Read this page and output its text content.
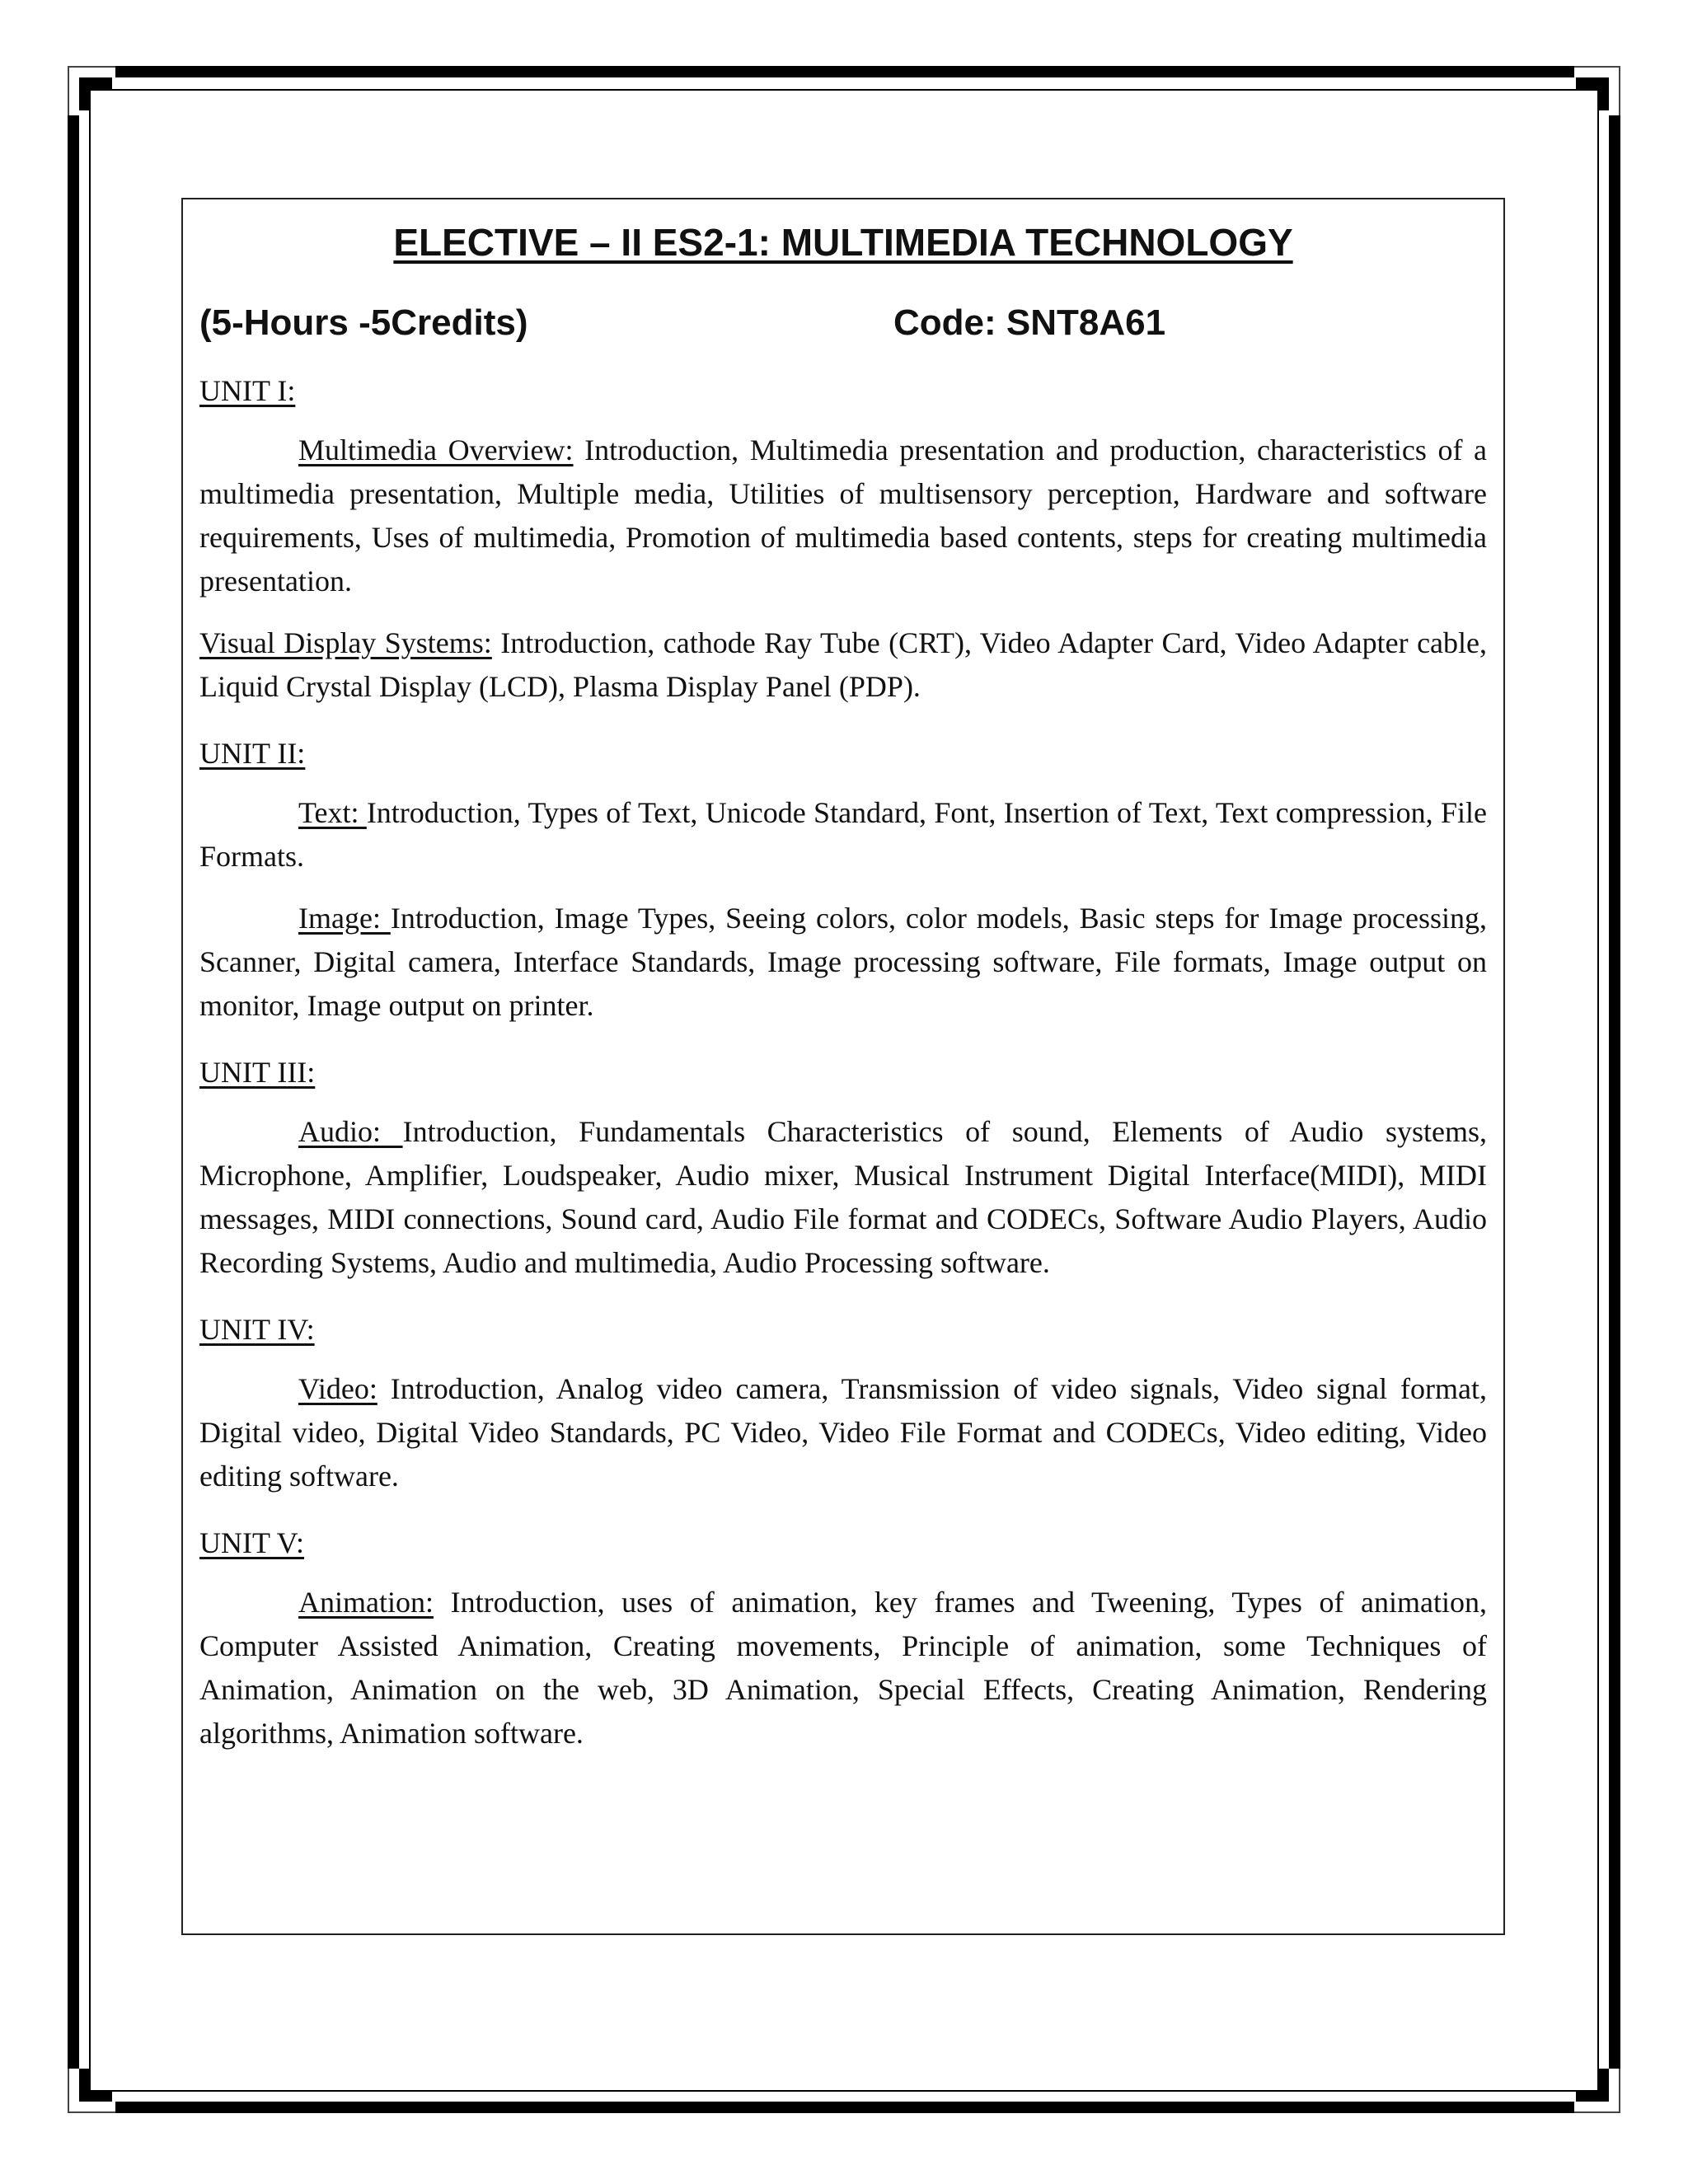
ELECTIVE – II ES2-1: MULTIMEDIA TECHNOLOGY
(5-Hours -5Credits)	Code: SNT8A61
UNIT I:
Multimedia Overview: Introduction, Multimedia presentation and production, characteristics of a multimedia presentation, Multiple media, Utilities of multisensory perception, Hardware and software requirements, Uses of multimedia, Promotion of multimedia based contents, steps for creating multimedia presentation.
Visual Display Systems: Introduction, cathode Ray Tube (CRT), Video Adapter Card, Video Adapter cable, Liquid Crystal Display (LCD), Plasma Display Panel (PDP).
UNIT II:
Text: Introduction, Types of Text, Unicode Standard, Font, Insertion of Text, Text compression, File Formats.
Image: Introduction, Image Types, Seeing colors, color models, Basic steps for Image processing, Scanner, Digital camera, Interface Standards, Image processing software, File formats, Image output on monitor, Image output on printer.
UNIT III:
Audio: Introduction, Fundamentals Characteristics of sound, Elements of Audio systems, Microphone, Amplifier, Loudspeaker, Audio mixer, Musical Instrument Digital Interface(MIDI), MIDI messages, MIDI connections, Sound card, Audio File format and CODECs, Software Audio Players, Audio Recording Systems, Audio and multimedia, Audio Processing software.
UNIT IV:
Video: Introduction, Analog video camera, Transmission of video signals, Video signal format, Digital video, Digital Video Standards, PC Video, Video File Format and CODECs, Video editing, Video editing software.
UNIT V:
Animation: Introduction, uses of animation, key frames and Tweening, Types of animation, Computer Assisted Animation, Creating movements, Principle of animation, some Techniques of Animation, Animation on the web, 3D Animation, Special Effects, Creating Animation, Rendering algorithms, Animation software.
